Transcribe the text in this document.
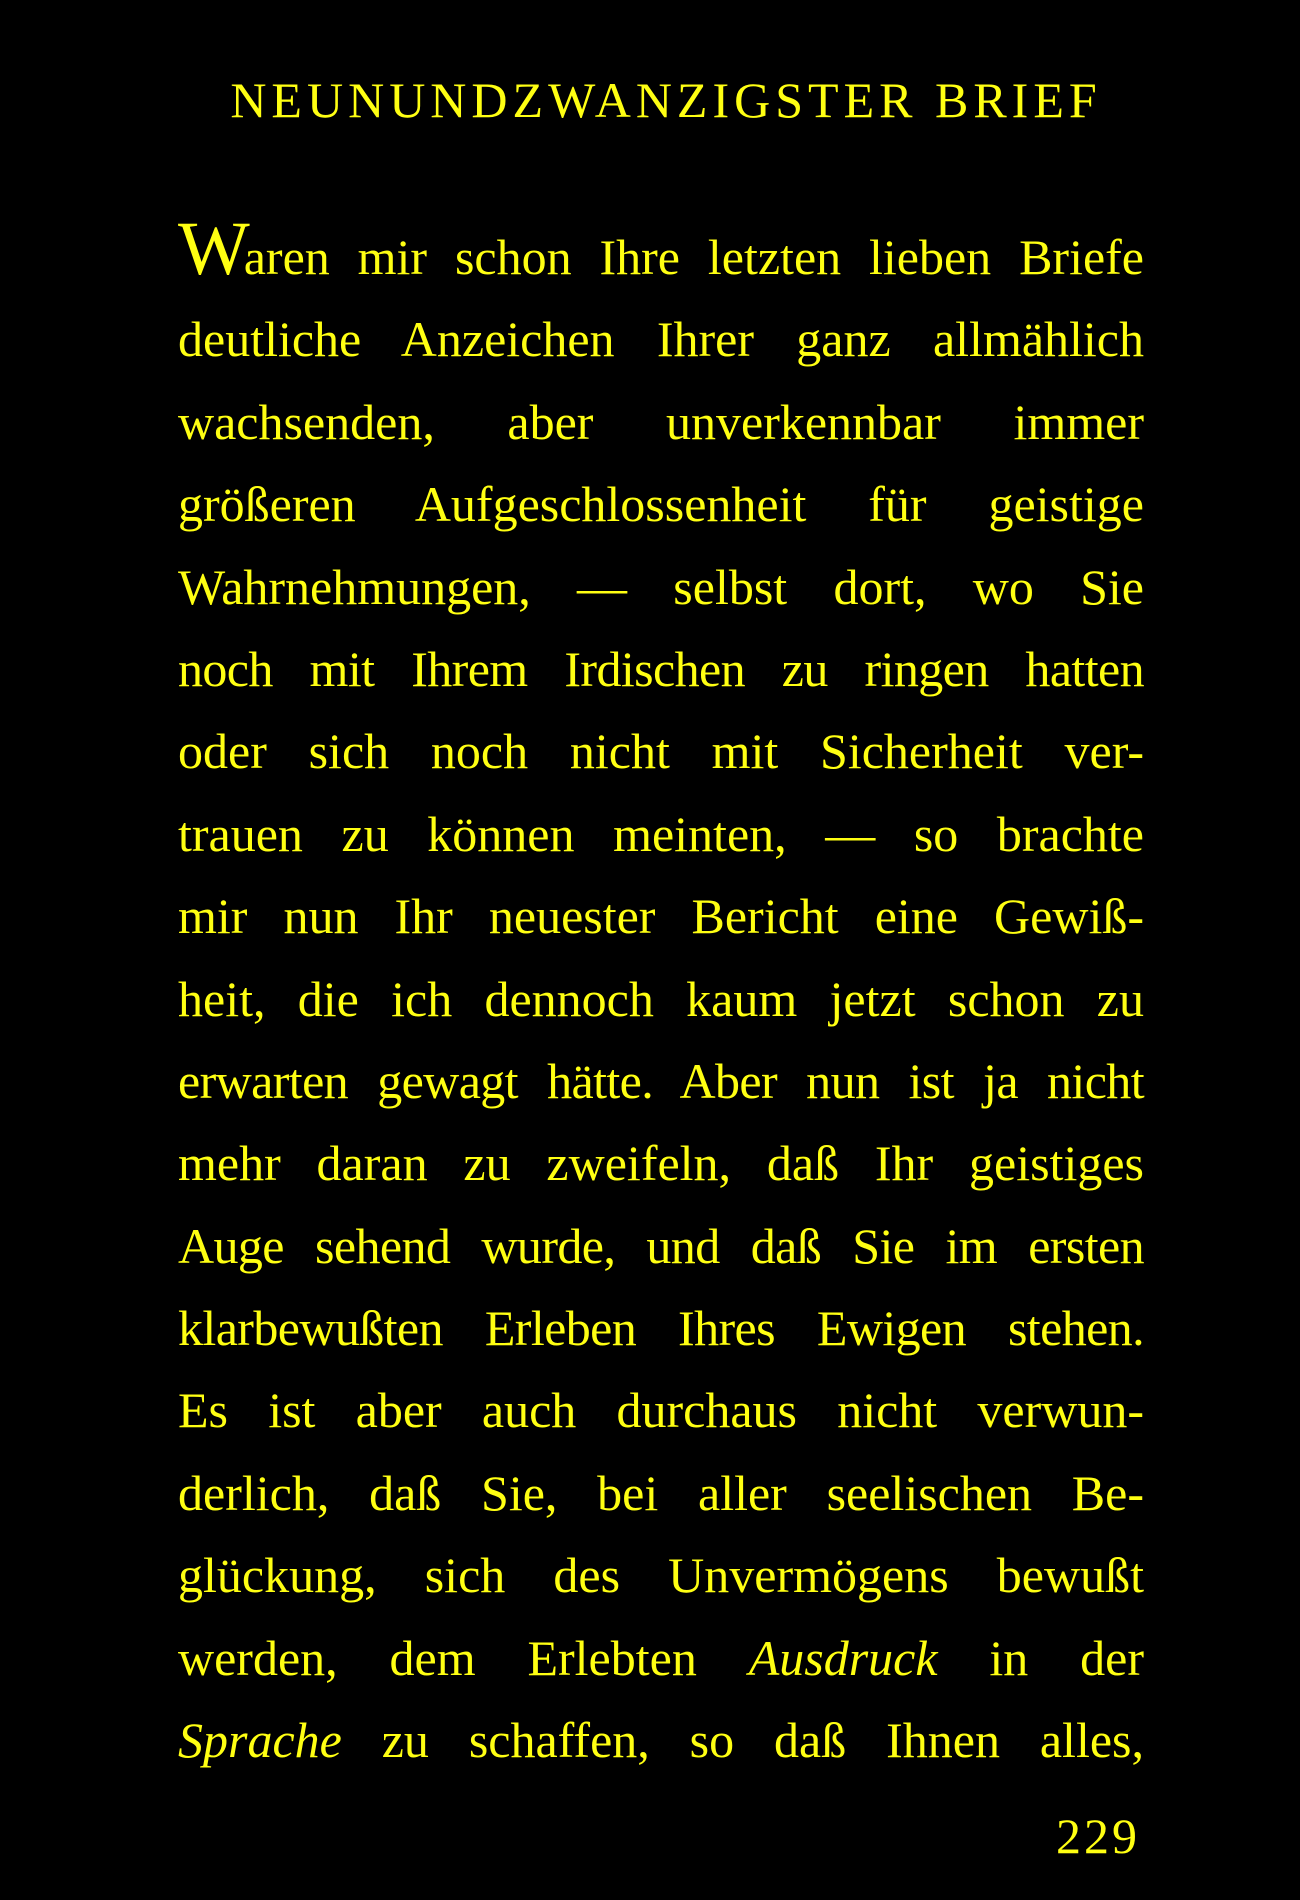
NEUNUNDZWANZIGSTER BRIEF
Waren mir schon Ihre letzten lieben Briefe
deutliche Anzeichen Ihrer ganz allmählich
wachsenden, aber unverkennbar immer
größeren Aufgeschlossenheit für geistige
Wahrnehmungen, — selbst dort, wo Sie
noch mit Ihrem Irdischen zu ringen hatten
oder sich noch nicht mit Sicherheit ver-
trauen zu können meinten, — so brachte
mir nun Ihr neuester Bericht eine Gewiß-
heit, die ich dennoch kaum jetzt schon zu
erwarten gewagt hätte. Aber nun ist ja nicht
mehr daran zu zweifeln, daß Ihr geistiges
Auge sehend wurde, und daß Sie im ersten
klarbewußten Erleben Ihres Ewigen stehen.
Es ist aber auch durchaus nicht verwun-
derlich, daß Sie, bei aller seelischen Be-
glückung, sich des Unvermögens bewußt
werden, dem Erlebten Ausdruck in der
Sprache zu schaffen, so daß Ihnen alles,
229
